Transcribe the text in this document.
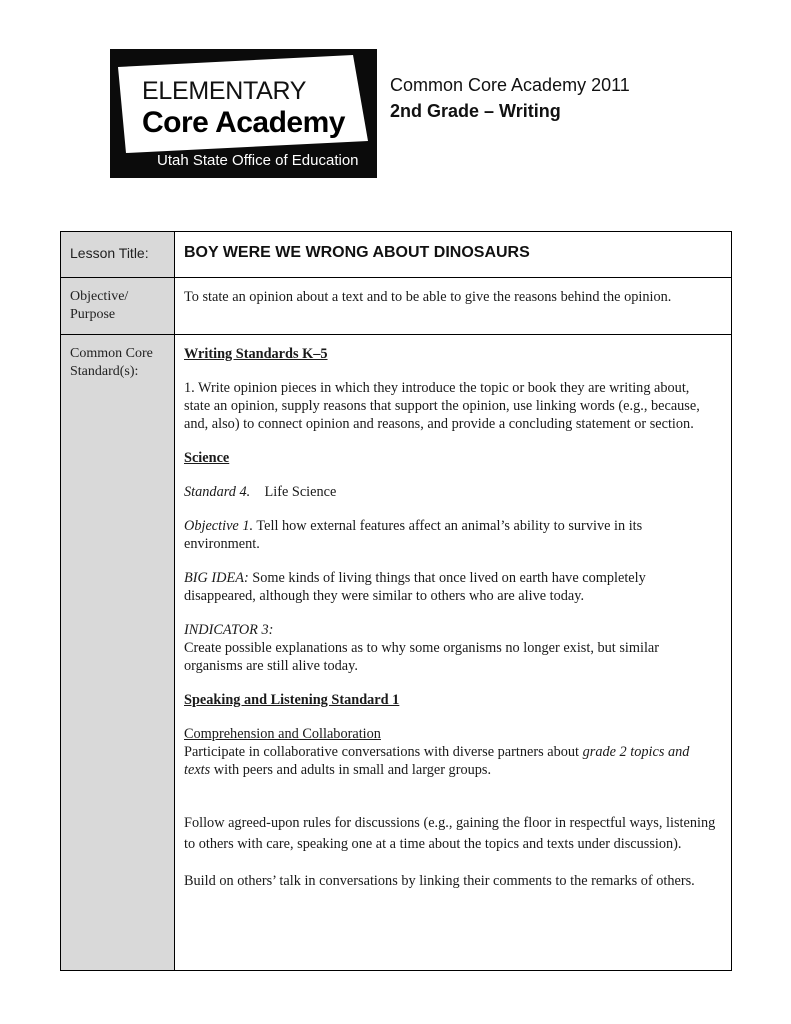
ELEMENTARY
Core Academy
Utah State Office of Education
Common Core Academy 2011
2nd Grade – Writing
Lesson Title:	BOY WERE WE WRONG ABOUT DINOSAURS
Objective/ Purpose
To state an opinion about a text and to be able to give the reasons behind the opinion.
Common Core Standard(s):

Writing Standards K–5

1. Write opinion pieces in which they introduce the topic or book they are writing about, state an opinion, supply reasons that support the opinion, use linking words (e.g., because, and, also) to connect opinion and reasons, and provide a concluding statement or section.

Science

Standard 4. Life Science

Objective 1. Tell how external features affect an animal’s ability to survive in its environment.

BIG IDEA: Some kinds of living things that once lived on earth have completely disappeared, although they were similar to others who are alive today.

INDICATOR 3:

Create possible explanations as to why some organisms no longer exist, but similar organisms are still alive today.

Speaking and Listening Standard 1

Comprehension and Collaboration

Participate in collaborative conversations with diverse partners about grade 2 topics and texts with peers and adults in small and larger groups.

Follow agreed-upon rules for discussions (e.g., gaining the floor in respectful ways, listening to others with care, speaking one at a time about the topics and texts under discussion).

Build on others’ talk in conversations by linking their comments to the remarks of others.
